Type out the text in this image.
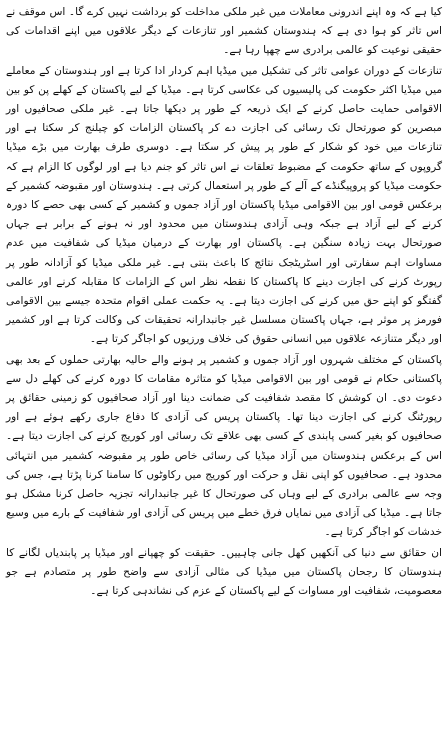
کیا ہے کہ وہ اپنے اندرونی معاملات میں غیر ملکی مداخلت کو برداشت نہیں کرے گا۔ اس موقف نے اس تاثر کو ہوا دی ہے کہ ہندوستان کشمیر اور تنازعات کے دیگر علاقوں میں اپنے اقدامات کی حقیقی نوعیت کو عالمی برادری سے چھپا رہا ہے۔

تنازعات کے دوران عوامی تاثر کی تشکیل میں میڈیا اہم کردار ادا کرتا ہے اور ہندوستان کے معاملے میں میڈیا اکثر حکومت کی پالیسیوں کی عکاسی کرتا ہے۔ میڈیا کے لیے پاکستان کے کھلے پن کو بین الاقوامی حمایت حاصل کرنے کے ایک ذریعہ کے طور پر دیکھا جاتا ہے۔ غیر ملکی صحافیوں اور مبصرین کو صورتحال تک رسائی کی اجازت دے کر پاکستان الزامات کو چیلنج کر سکتا ہے اور تنازعات میں خود کو شکار کے طور پر پیش کر سکتا ہے۔ دوسری طرف بھارت میں بڑے میڈیا گروپوں کے ساتھ حکومت کے مضبوط تعلقات نے اس تاثر کو جنم دیا ہے اور لوگوں کا الزام ہے کہ حکومت میڈیا کو پروپیگنڈے کے آلے کے طور پر استعمال کرتی ہے۔ ہندوستان اور مقبوضہ کشمیر کے برعکس قومی اور بین الاقوامی میڈیا پاکستان اور آزاد جموں و کشمیر کے کسی بھی حصے کا دورہ کرنے کے لیے آزاد ہے جبکہ وہی آزادی ہندوستان میں محدود اور نہ ہونے کے برابر ہے جہاں صورتحال بہت زیادہ سنگین ہے۔ پاکستان اور بھارت کے درمیان میڈیا کی شفافیت میں عدم مساوات اہم سفارتی اور اسٹریٹجک نتائج کا باعث بنتی ہے۔ غیر ملکی میڈیا کو آزادانہ طور پر رپورٹ کرنے کی اجازت دینے کا پاکستان کا نقطہ نظر اس کے الزامات کا مقابلہ کرنے اور عالمی گفتگو کو اپنے حق میں کرنے کی اجازت دیتا ہے۔ یہ حکمت عملی اقوام متحدہ جیسے بین الاقوامی فورمز پر موثر ہے، جہاں پاکستان مسلسل غیر جانبدارانہ تحقیقات کی وکالت کرتا ہے اور کشمیر اور دیگر متنازعہ علاقوں میں انسانی حقوق کی خلاف ورزیوں کو اجاگر کرتا ہے۔

پاکستان کے مختلف شہروں اور آزاد جموں و کشمیر پر ہونے والے حالیہ بھارتی حملوں کے بعد بھی پاکستانی حکام نے قومی اور بین الاقوامی میڈیا کو متاثرہ مقامات کا دورہ کرنے کی کھلے دل سے دعوت دی۔ ان کوشش کا مقصد شفافیت کی ضمانت دینا اور آزاد صحافیوں کو زمینی حقائق پر رپورٹنگ کرنے کی اجازت دینا تھا۔ پاکستان پریس کی آزادی کا دفاع جاری رکھے ہوئے ہے اور صحافیوں کو بغیر کسی پابندی کے کسی بھی علاقے تک رسائی اور کوریج کرنے کی اجازت دیتا ہے۔ اس کے برعکس ہندوستان میں آزاد میڈیا کی رسائی خاص طور پر مقبوضہ کشمیر میں انتہائی محدود ہے۔ صحافیوں کو اپنی نقل و حرکت اور کوریج میں رکاوٹوں کا سامنا کرنا پڑتا ہے، جس کی وجہ سے عالمی برادری کے لیے وہاں کی صورتحال کا غیر جانبدارانہ تجزیہ حاصل کرنا مشکل ہو جاتا ہے۔ میڈیا کی آزادی میں نمایاں فرق خطے میں پریس کی آزادی اور شفافیت کے بارے میں وسیع خدشات کو اجاگر کرتا ہے۔

ان حقائق سے دنیا کی آنکھیں کھل جانی چاہییں۔ حقیقت کو چھپانے اور میڈیا پر پابندیاں لگانے کا ہندوستان کا رجحان پاکستان میں میڈیا کی مثالی آزادی سے واضح طور پر متصادم ہے جو معصومیت، شفافیت اور مساوات کے لیے پاکستان کے عزم کی نشاندہی کرتا ہے۔
